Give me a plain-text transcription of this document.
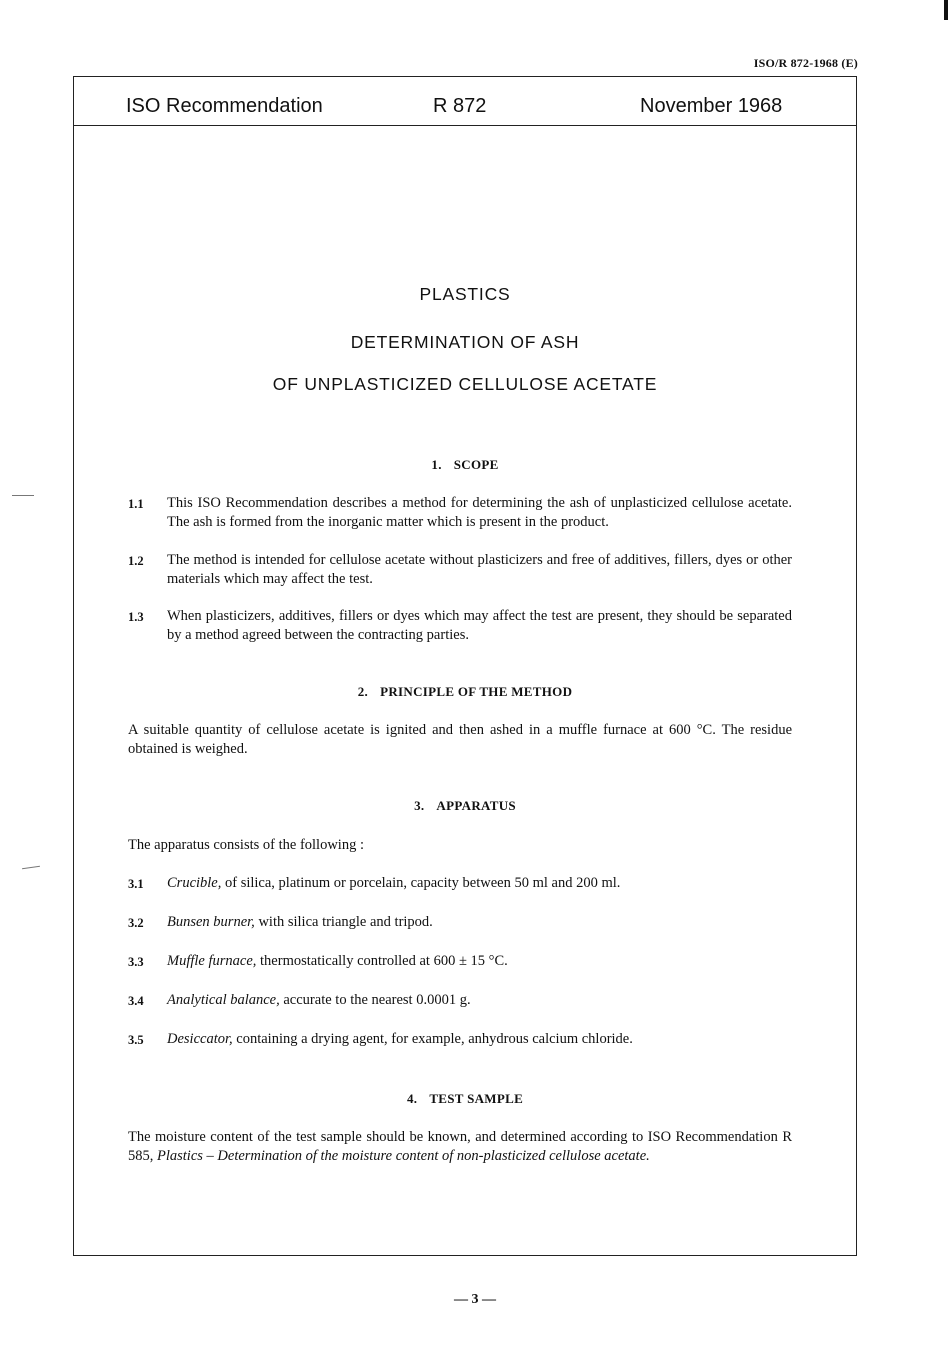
ISO/R 872-1968 (E)
ISO Recommendation	R 872	November 1968
PLASTICS
DETERMINATION OF ASH
OF UNPLASTICIZED CELLULOSE ACETATE
1. SCOPE
1.1 This ISO Recommendation describes a method for determining the ash of unplasticized cellulose acetate. The ash is formed from the inorganic matter which is present in the product.
1.2 The method is intended for cellulose acetate without plasticizers and free of additives, fillers, dyes or other materials which may affect the test.
1.3 When plasticizers, additives, fillers or dyes which may affect the test are present, they should be separated by a method agreed between the contracting parties.
2. PRINCIPLE OF THE METHOD
A suitable quantity of cellulose acetate is ignited and then ashed in a muffle furnace at 600 °C. The residue obtained is weighed.
3. APPARATUS
The apparatus consists of the following :
3.1 Crucible, of silica, platinum or porcelain, capacity between 50 ml and 200 ml.
3.2 Bunsen burner, with silica triangle and tripod.
3.3 Muffle furnace, thermostatically controlled at 600 ± 15 °C.
3.4 Analytical balance, accurate to the nearest 0.0001 g.
3.5 Desiccator, containing a drying agent, for example, anhydrous calcium chloride.
4. TEST SAMPLE
The moisture content of the test sample should be known, and determined according to ISO Recommendation R 585, Plastics – Determination of the moisture content of non-plasticized cellulose acetate.
— 3 —
